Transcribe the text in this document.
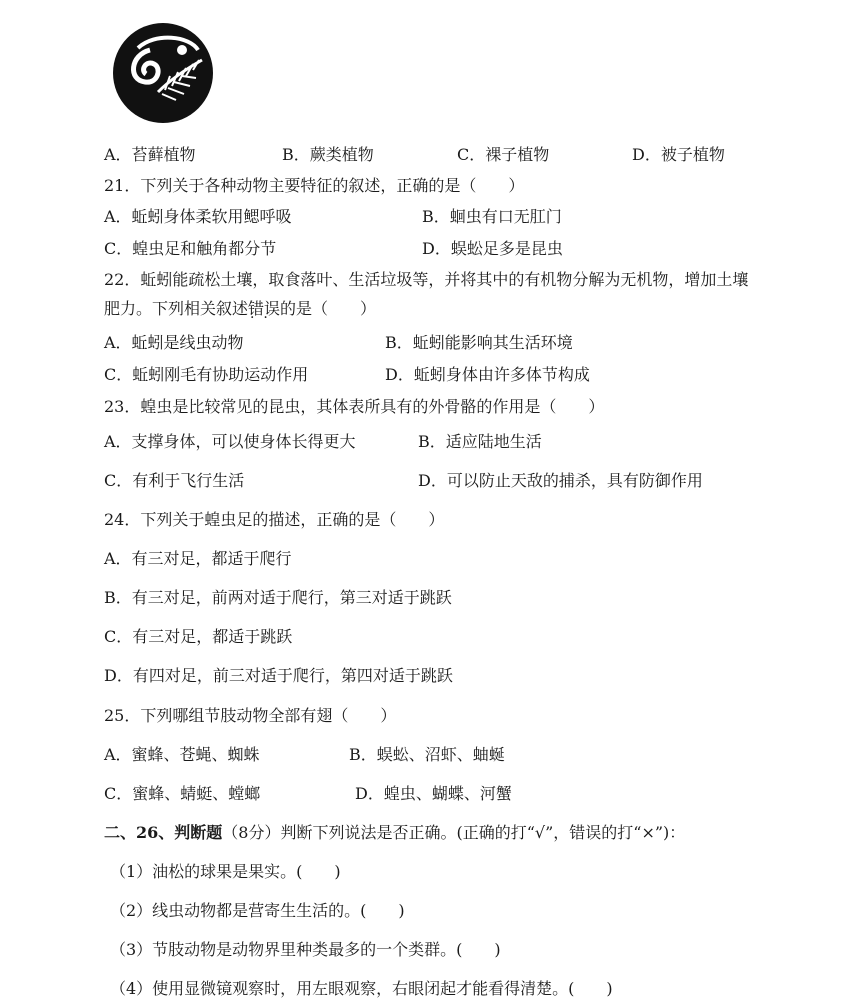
A．苔藓植物	B．蕨类植物	C．裸子植物	D．被子植物
21．下列关于各种动物主要特征的叙述，正确的是（　　）
A．蚯蚓身体柔软用鳃呼吸	B．蛔虫有口无肛门
C．蝗虫足和触角都分节	D．蜈蚣足多是昆虫
22．蚯蚓能疏松土壤，取食落叶、生活垃圾等，并将其中的有机物分解为无机物，增加土壤
肥力。下列相关叙述错误 ·  ·的是（　　）
A．蚯蚓是线虫动物	B．蚯蚓能影响其生活环境
C．蚯蚓刚毛有协助运动作用	D．蚯蚓身体由许多体节构成
23．蝗虫是比较常见的昆虫，其体表所具有的外骨骼的作用是（　　）
A．支撑身体，可以使身体长得更大	B．适应陆地生活
C．有利于飞行生活	D．可以防止天敌的捕杀，具有防御作用
24．下列关于蝗虫足的描述，正确的是（　　）
A．有三对足，都适于爬行
B．有三对足，前两对适于爬行，第三对适于跳跃
C．有三对足，都适于跳跃
D．有四对足，前三对适于爬行，第四对适于跳跃
25．下列哪组节肢动物全部有翅（　　）
A．蜜蜂、苍蝇、蜘蛛	B．蜈蚣、沼虾、蚰蜒
C．蜜蜂、蜻蜓、螳螂	D．蝗虫、蝴蝶、河蟹
二、26、判断题（8分）判断下列说法是否正确。(正确的打“√”，错误的打“×”)：
（1）油松的球果是果实。(　　)
（2）线虫动物都是营寄生生活的。(　　)
（3）节肢动物是动物界里种类最多的一个类群。(　　)
（4）使用显微镜观察时，用左眼观察，右眼闭起才能看得清楚。(　　)
